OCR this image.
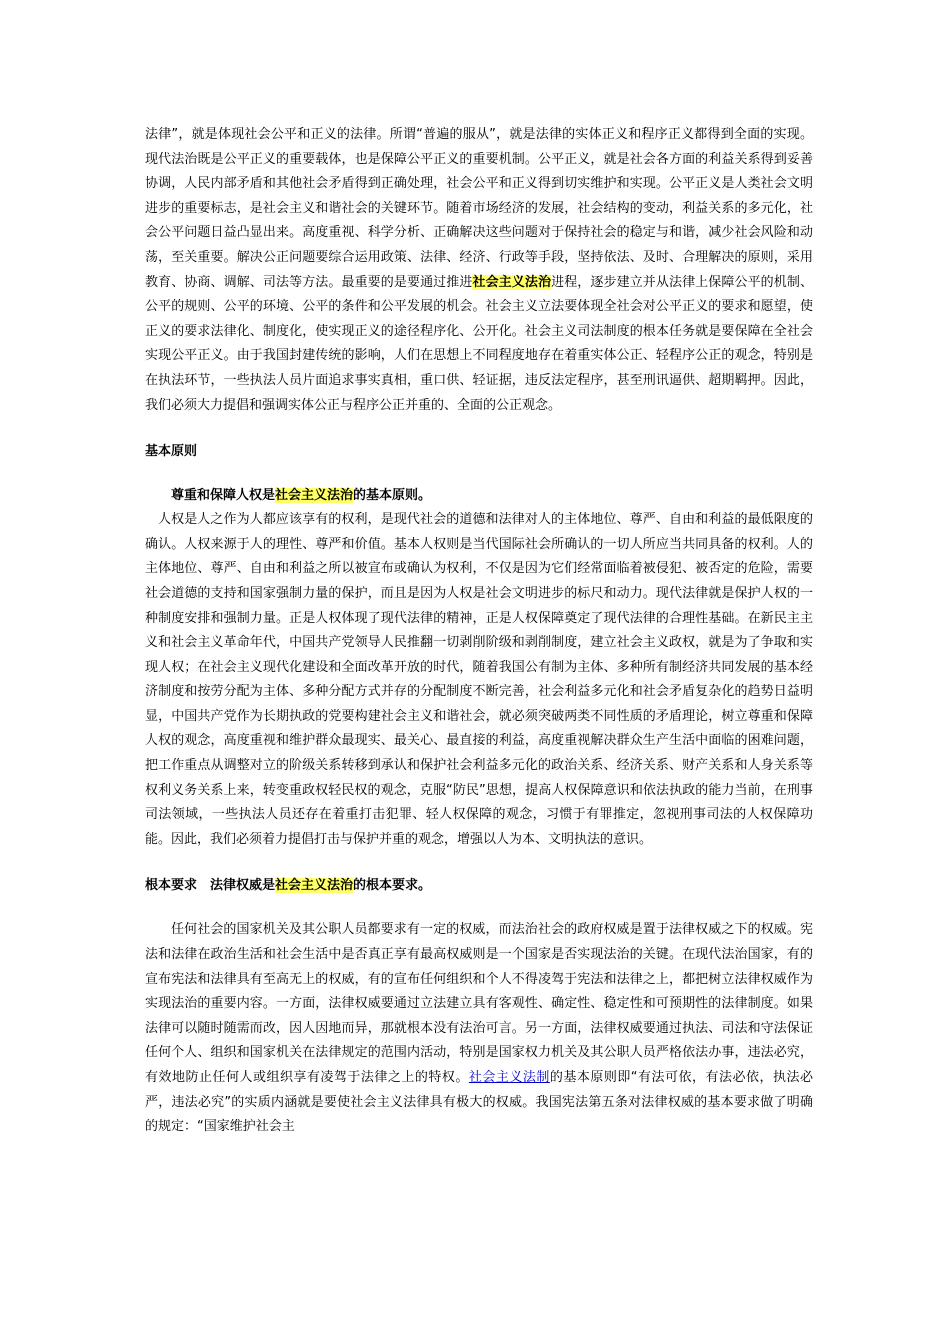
法律”，就是体现社会公平和正义的法律。所谓“普遍的服从”，就是法律的实体正义和程序正义都得到全面的实现。现代法治既是公平正义的重要载体，也是保障公平正义的重要机制。公平正义，就是社会各方面的利益关系得到妥善协调，人民内部矛盾和其他社会矛盾得到正确处理，社会公平和正义得到切实维护和实现。公平正义是人类社会文明进步的重要标志，是社会主义和谐社会的关键环节。随着市场经济的发展，社会结构的变动，利益关系的多元化，社会公平问题日益凸显出来。高度重视、科学分析、正确解决这些问题对于保持社会的稳定与和谐，减少社会风险和动荡，至关重要。解决公正问题要综合运用政策、法律、经济、行政等手段，坚持依法、及时、合理解决的原则，采用教育、协商、调解、司法等方法。最重要的是要通过推进社会主义法治进程，逐步建立并从法律上保障公平的机制、公平的规则、公平的环境、公平的条件和公平发展的机会。社会主义立法要体现全社会对公平正义的要求和愿望，使正义的要求法律化、制度化，使实现正义的途径程序化、公开化。社会主义司法制度的根本任务就是要保障在全社会实现公平正义。由于我国封建传统的影响，人们在思想上不同程度地存在着重实体公正、轻程序公正的观念，特别是在执法环节，一些执法人员片面追求事实真相，重口供、轻证据，违反法定程序，甚至刑讯逼供、超期羁押。因此，我们必须大力提倡和强调实体公正与程序公正并重的、全面的公正观念。

基本原则

尊重和保障人权是社会主义法治的基本原则。

人权是人之作为人都应该享有的权利，是现代社会的道德和法律对人的主体地位、尊严、自由和利益的最低限度的确认。人权来源于人的理性、尊严和价值。基本人权则是当代国际社会所确认的一切人所应当共同具备的权利。人的主体地位、尊严、自由和利益之所以被宣布或确认为权利，不仅是因为它们经常面临着被侵犯、被否定的危险，需要社会道德的支持和国家强制力量的保护，而且是因为人权是社会文明进步的标尺和动力。现代法律就是保护人权的一种制度安排和强制力量。正是人权体现了现代法律的精神，正是人权保障奠定了现代法律的合理性基础。在新民主主义和社会主义革命年代，中国共产党领导人民推翻一切剥削阶级和剥削制度，建立社会主义政权，就是为了争取和实现人权；在社会主义现代化建设和全面改革开放的时代，随着我国公有制为主体、多种所有制经济共同发展的基本经济制度和按劳分配为主体、多种分配方式并存的分配制度不断完善，社会利益多元化和社会矛盾复杂化的趋势日益明显，中国共产党作为长期执政的党要构建社会主义和谐社会，就必须突破两类不同性质的矛盾理论，树立尊重和保障人权的观念，高度重视和维护群众最现实、最关心、最直接的利益，高度重视解决群众生产生活中面临的困难问题，把工作重点从调整对立的阶级关系转移到承认和保护社会利益多元化的政治关系、经济关系、财产关系和人身关系等权利义务关系上来，转变重政权轻民权的观念，克服“防民”思想，提高人权保障意识和依法执政的能力当前，在刑事司法领域，一些执法人员还存在着重打击犯罪、轻人权保障的观念，习惯于有罪推定，忽视刑事司法的人权保障功能。因此，我们必须着力提倡打击与保护并重的观念，增强以人为本、文明执法的意识。

根本要求　法律权威是社会主义法治的根本要求。

任何社会的国家机关及其公职人员都要求有一定的权威，而法治社会的政府权威是置于法律权威之下的权威。宪法和法律在政治生活和社会生活中是否真正享有最高权威则是一个国家是否实现法治的关键。在现代法治国家，有的宣布宪法和法律具有至高无上的权威，有的宣布任何组织和个人不得凌驾于宪法和法律之上，都把树立法律权威作为实现法治的重要内容。一方面，法律权威要通过立法建立具有客观性、确定性、稳定性和可预期性的法律制度。如果法律可以随时随需而改，因人因地而异，那就根本没有法治可言。另一方面，法律权威要通过执法、司法和守法保证任何个人、组织和国家机关在法律规定的范围内活动，特别是国家权力机关及其公职人员严格依法办事，违法必究，有效地防止任何人或组织享有凌驾于法律之上的特权。社会主义法制的基本原则即“有法可依，有法必依，执法必严，违法必究”的实质内涵就是要使社会主义法律具有极大的权威。我国宪法第五条对法律权威的基本要求做了明确的规定：“国家维护社会主
